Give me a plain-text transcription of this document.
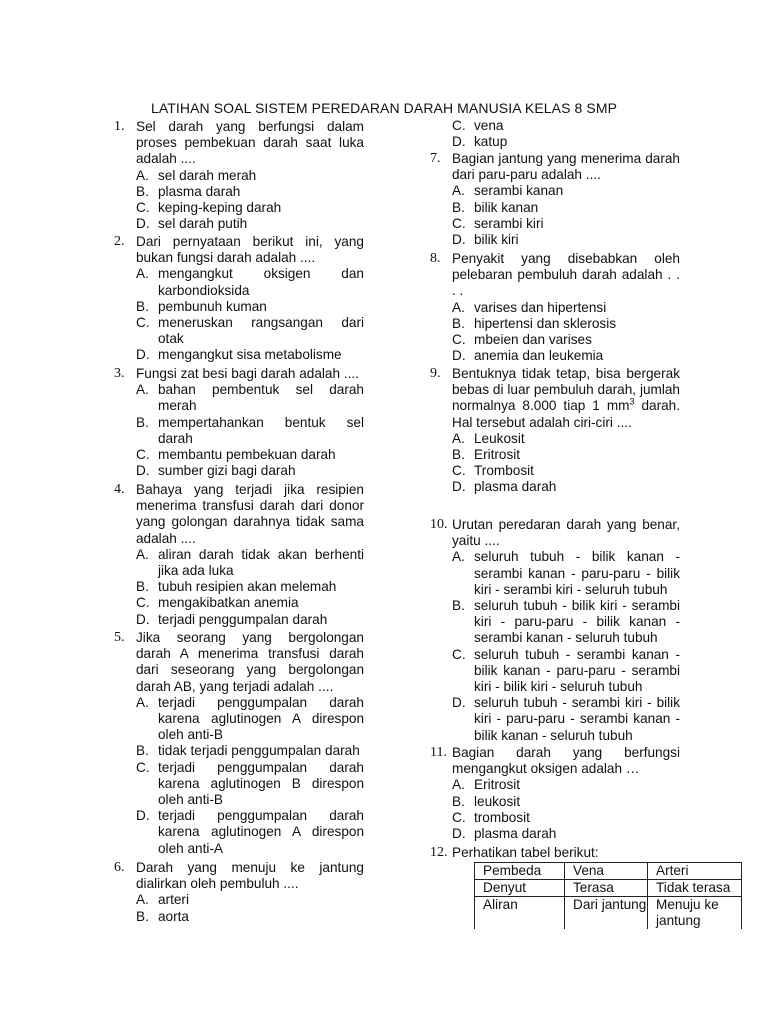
LATIHAN SOAL SISTEM PEREDARAN DARAH MANUSIA KELAS 8 SMP
1. Sel darah yang berfungsi dalam proses pembekuan darah saat luka adalah ....
A. sel darah merah
B. plasma darah
C. keping-keping darah
D. sel darah putih
2. Dari pernyataan berikut ini, yang bukan fungsi darah adalah ....
A. mengangkut oksigen dan karbondioksida
B. pembunuh kuman
C. meneruskan rangsangan dari otak
D. mengangkut sisa metabolisme
3. Fungsi zat besi bagi darah adalah ....
A. bahan pembentuk sel darah merah
B. mempertahankan bentuk sel darah
C. membantu pembekuan darah
D. sumber gizi bagi darah
4. Bahaya yang terjadi jika resipien menerima transfusi darah dari donor yang golongan darahnya tidak sama adalah ....
A. aliran darah tidak akan berhenti jika ada luka
B. tubuh resipien akan melemah
C. mengakibatkan anemia
D. terjadi penggumpalan darah
5. Jika seorang yang bergolongan darah A menerima transfusi darah dari seseorang yang bergolongan darah AB, yang terjadi adalah ....
A. terjadi penggumpalan darah karena aglutinogen A direspon oleh anti-B
B. tidak terjadi penggumpalan darah
C. terjadi penggumpalan darah karena aglutinogen B direspon oleh anti-B
D. terjadi penggumpalan darah karena aglutinogen A direspon oleh anti-A
6. Darah yang menuju ke jantung dialirkan oleh pembuluh ....
A. arteri
B. aorta
C. vena
D. katup
7. Bagian jantung yang menerima darah dari paru-paru adalah ....
A. serambi kanan
B. bilik kanan
C. serambi kiri
D. bilik kiri
8. Penyakit yang disebabkan oleh pelebaran pembuluh darah adalah . . . .
A. varises dan hipertensi
B. hipertensi dan sklerosis
C. mbeien dan varises
D. anemia dan leukemia
9. Bentuknya tidak tetap, bisa bergerak bebas di luar pembuluh darah, jumlah normalnya 8.000 tiap 1 $mm^3$ darah. Hal tersebut adalah ciri-ciri ....
A. Leukosit
B. Eritrosit
C. Trombosit
D. plasma darah
10. Urutan peredaran darah yang benar, yaitu ....
A. seluruh tubuh - bilik kanan - serambi kanan - paru-paru - bilik kiri - serambi kiri - seluruh tubuh
B. seluruh tubuh - bilik kiri - serambi kiri - paru-paru - bilik kanan - serambi kanan - seluruh tubuh
C. seluruh tubuh - serambi kanan - bilik kanan - paru-paru - serambi kiri - bilik kiri - seluruh tubuh
D. seluruh tubuh - serambi kiri - bilik kiri - paru-paru - serambi kanan - bilik kanan - seluruh tubuh
11. Bagian darah yang berfungsi mengangkut oksigen adalah …
A. Eritrosit
B. leukosit
C. trombosit
D. plasma darah
12. Perhatikan tabel berikut:
Pembeda	Vena	Arteri
Denyut	Terasa	Tidak terasa
Aliran	Dari jantung	Menuju ke jantung
